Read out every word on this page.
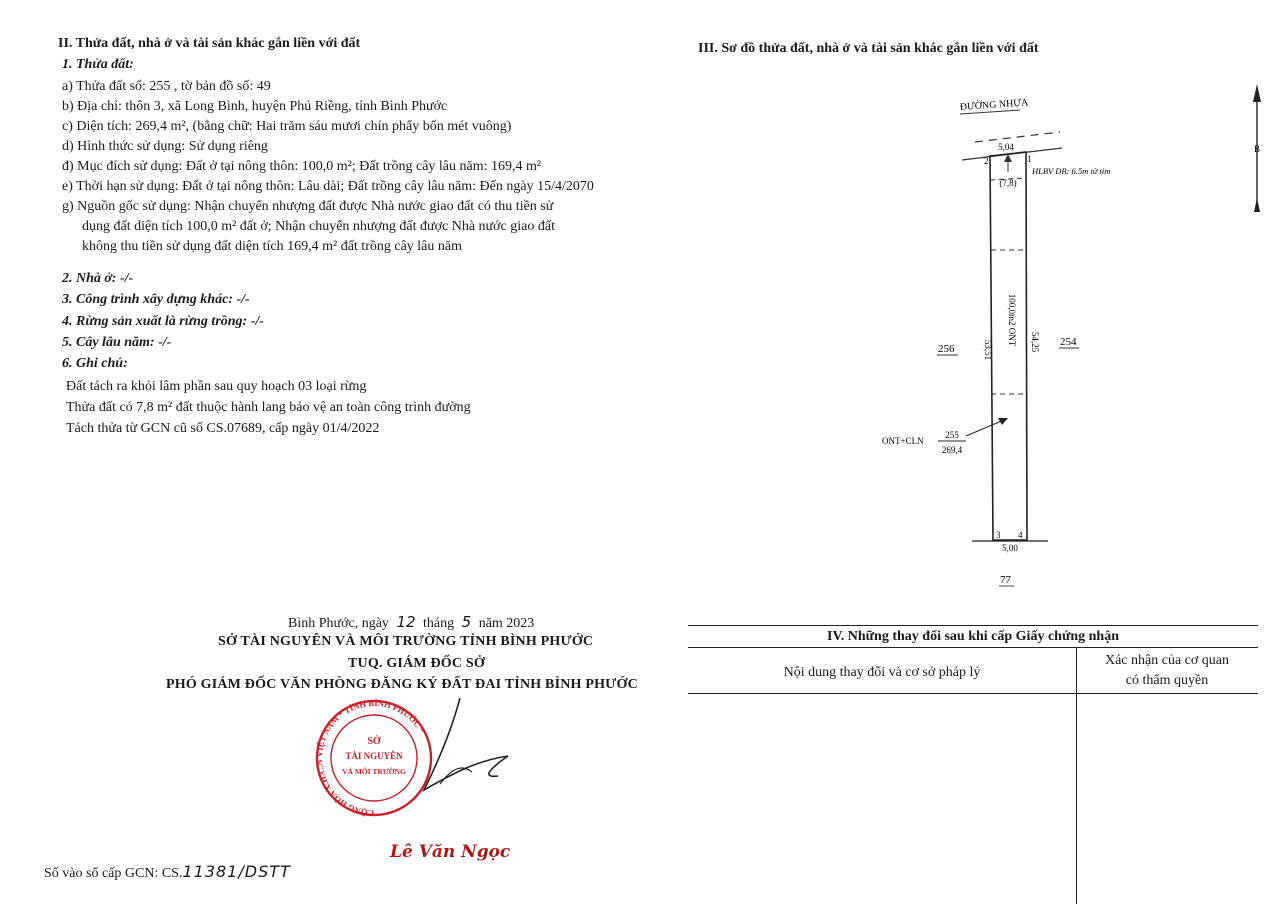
II. Thửa đất, nhà ở và tài sản khác gắn liền với đất
1. Thửa đất:
a) Thửa đất số: 255 , tờ bản đồ số: 49
b) Địa chỉ: thôn 3, xã Long Bình, huyện Phú Riềng, tỉnh Bình Phước
c) Diện tích: 269,4 m², (bằng chữ: Hai trăm sáu mươi chín phẩy bốn mét vuông)
d) Hình thức sử dụng: Sử dụng riêng
đ) Mục đích sử dụng: Đất ở tại nông thôn: 100,0 m²; Đất trồng cây lâu năm: 169,4 m²
e) Thời hạn sử dụng: Đất ở tại nông thôn: Lâu dài; Đất trồng cây lâu năm: Đến ngày 15/4/2070
g) Nguồn gốc sử dụng: Nhận chuyển nhượng đất được Nhà nước giao đất có thu tiền sử
dụng đất diện tích 100,0 m² đất ở; Nhận chuyển nhượng đất được Nhà nước giao đất
không thu tiền sử dụng đất diện tích 169,4 m² đất trồng cây lâu năm
2. Nhà ở: -/-
3. Công trình xây dựng khác: -/-
4. Rừng sản xuất là rừng trồng: -/-
5. Cây lâu năm: -/-
6. Ghi chú:
Đất tách ra khỏi lâm phần sau quy hoạch 03 loại rừng
Thửa đất có 7,8 m² đất thuộc hành lang bảo vệ an toàn công trình đường
Tách thửa từ GCN cũ số CS.07689, cấp ngày 01/4/2022
III. Sơ đồ thửa đất, nhà ở và tài sản khác gắn liền với đất
ĐƯỜNG NHỰA
5,04
2	1
3 4
HLBV DB: 6.5m từ tim
(7,8)
53,51	54,25
100,0m2 ONT
256
254
77
ONT+CLN
255
269,4
5,00
B
Bình Phước, ngày 12 tháng 5 năm 2023
SỞ TÀI NGUYÊN VÀ MÔI TRƯỜNG TỈNH BÌNH PHƯỚC
TUQ. GIÁM ĐỐC SỞ
PHÓ GIÁM ĐỐC VĂN PHÒNG ĐĂNG KÝ ĐẤT ĐAI TỈNH BÌNH PHƯỚC
CỘNG HÒA X.H.C.N VIỆT NAM * TỈNH BÌNH PHƯỚC *
SỞ
TÀI NGUYÊN
VÀ MÔI TRƯỜNG
Lê Văn Ngọc
Số vào sổ cấp GCN: CS.11381/DSTT
IV. Những thay đổi sau khi cấp Giấy chứng nhận
Nội dung thay đổi và cơ sở pháp lý
Xác nhận của cơ quan
có thẩm quyền
